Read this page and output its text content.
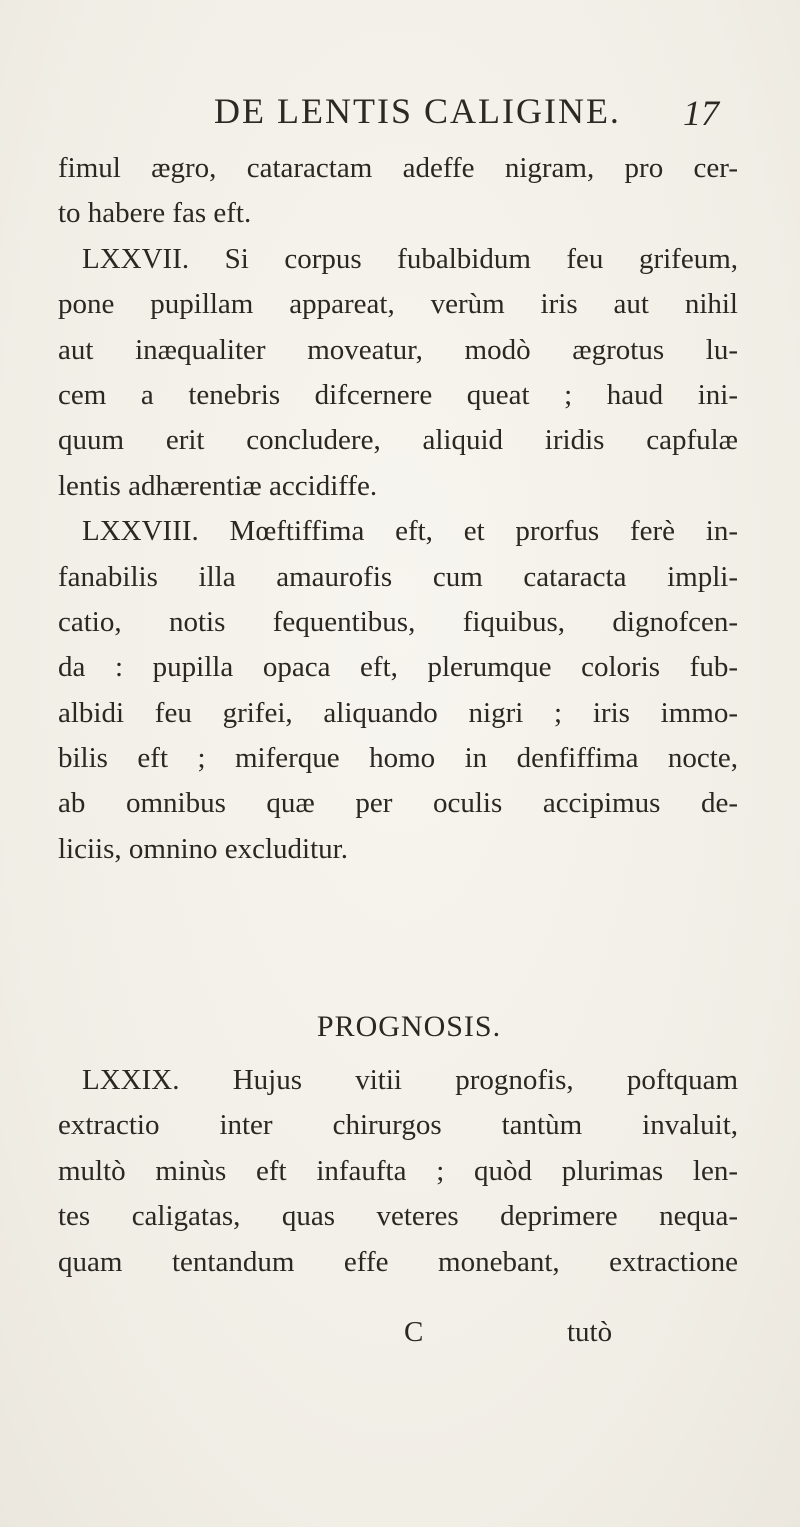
DE LENTIS CALIGINE. 17
fimul ægro, cataractam adeffe nigram, pro cer-
to habere fas eft.
LXXVII. Si corpus fubalbidum feu grifeum,
pone pupillam appareat, verùm iris aut nihil
aut inæqualiter moveatur, modò ægrotus lu-
cem a tenebris difcernere queat ; haud ini-
quum erit concludere, aliquid iridis capfulæ
lentis adhærentiæ accidiffe.
LXXVIII. Mœftiffima eft, et prorfus ferè in-
fanabilis illa amaurofis cum cataracta impli-
catio, notis fequentibus, fiquibus, dignofcen-
da : pupilla opaca eft, plerumque coloris fub-
albidi feu grifei, aliquando nigri ; iris immo-
bilis eft ; miferque homo in denfiffima nocte,
ab omnibus quæ per oculis accipimus de-
liciis, omnino excluditur.
PROGNOSIS.
LXXIX. Hujus vitii prognofis, poftquam
extractio inter chirurgos tantùm invaluit,
multò minùs eft infaufta ; quòd plurimas len-
tes caligatas, quas veteres deprimere nequa-
quam tentandum effe monebant, extractione
C	tutò
